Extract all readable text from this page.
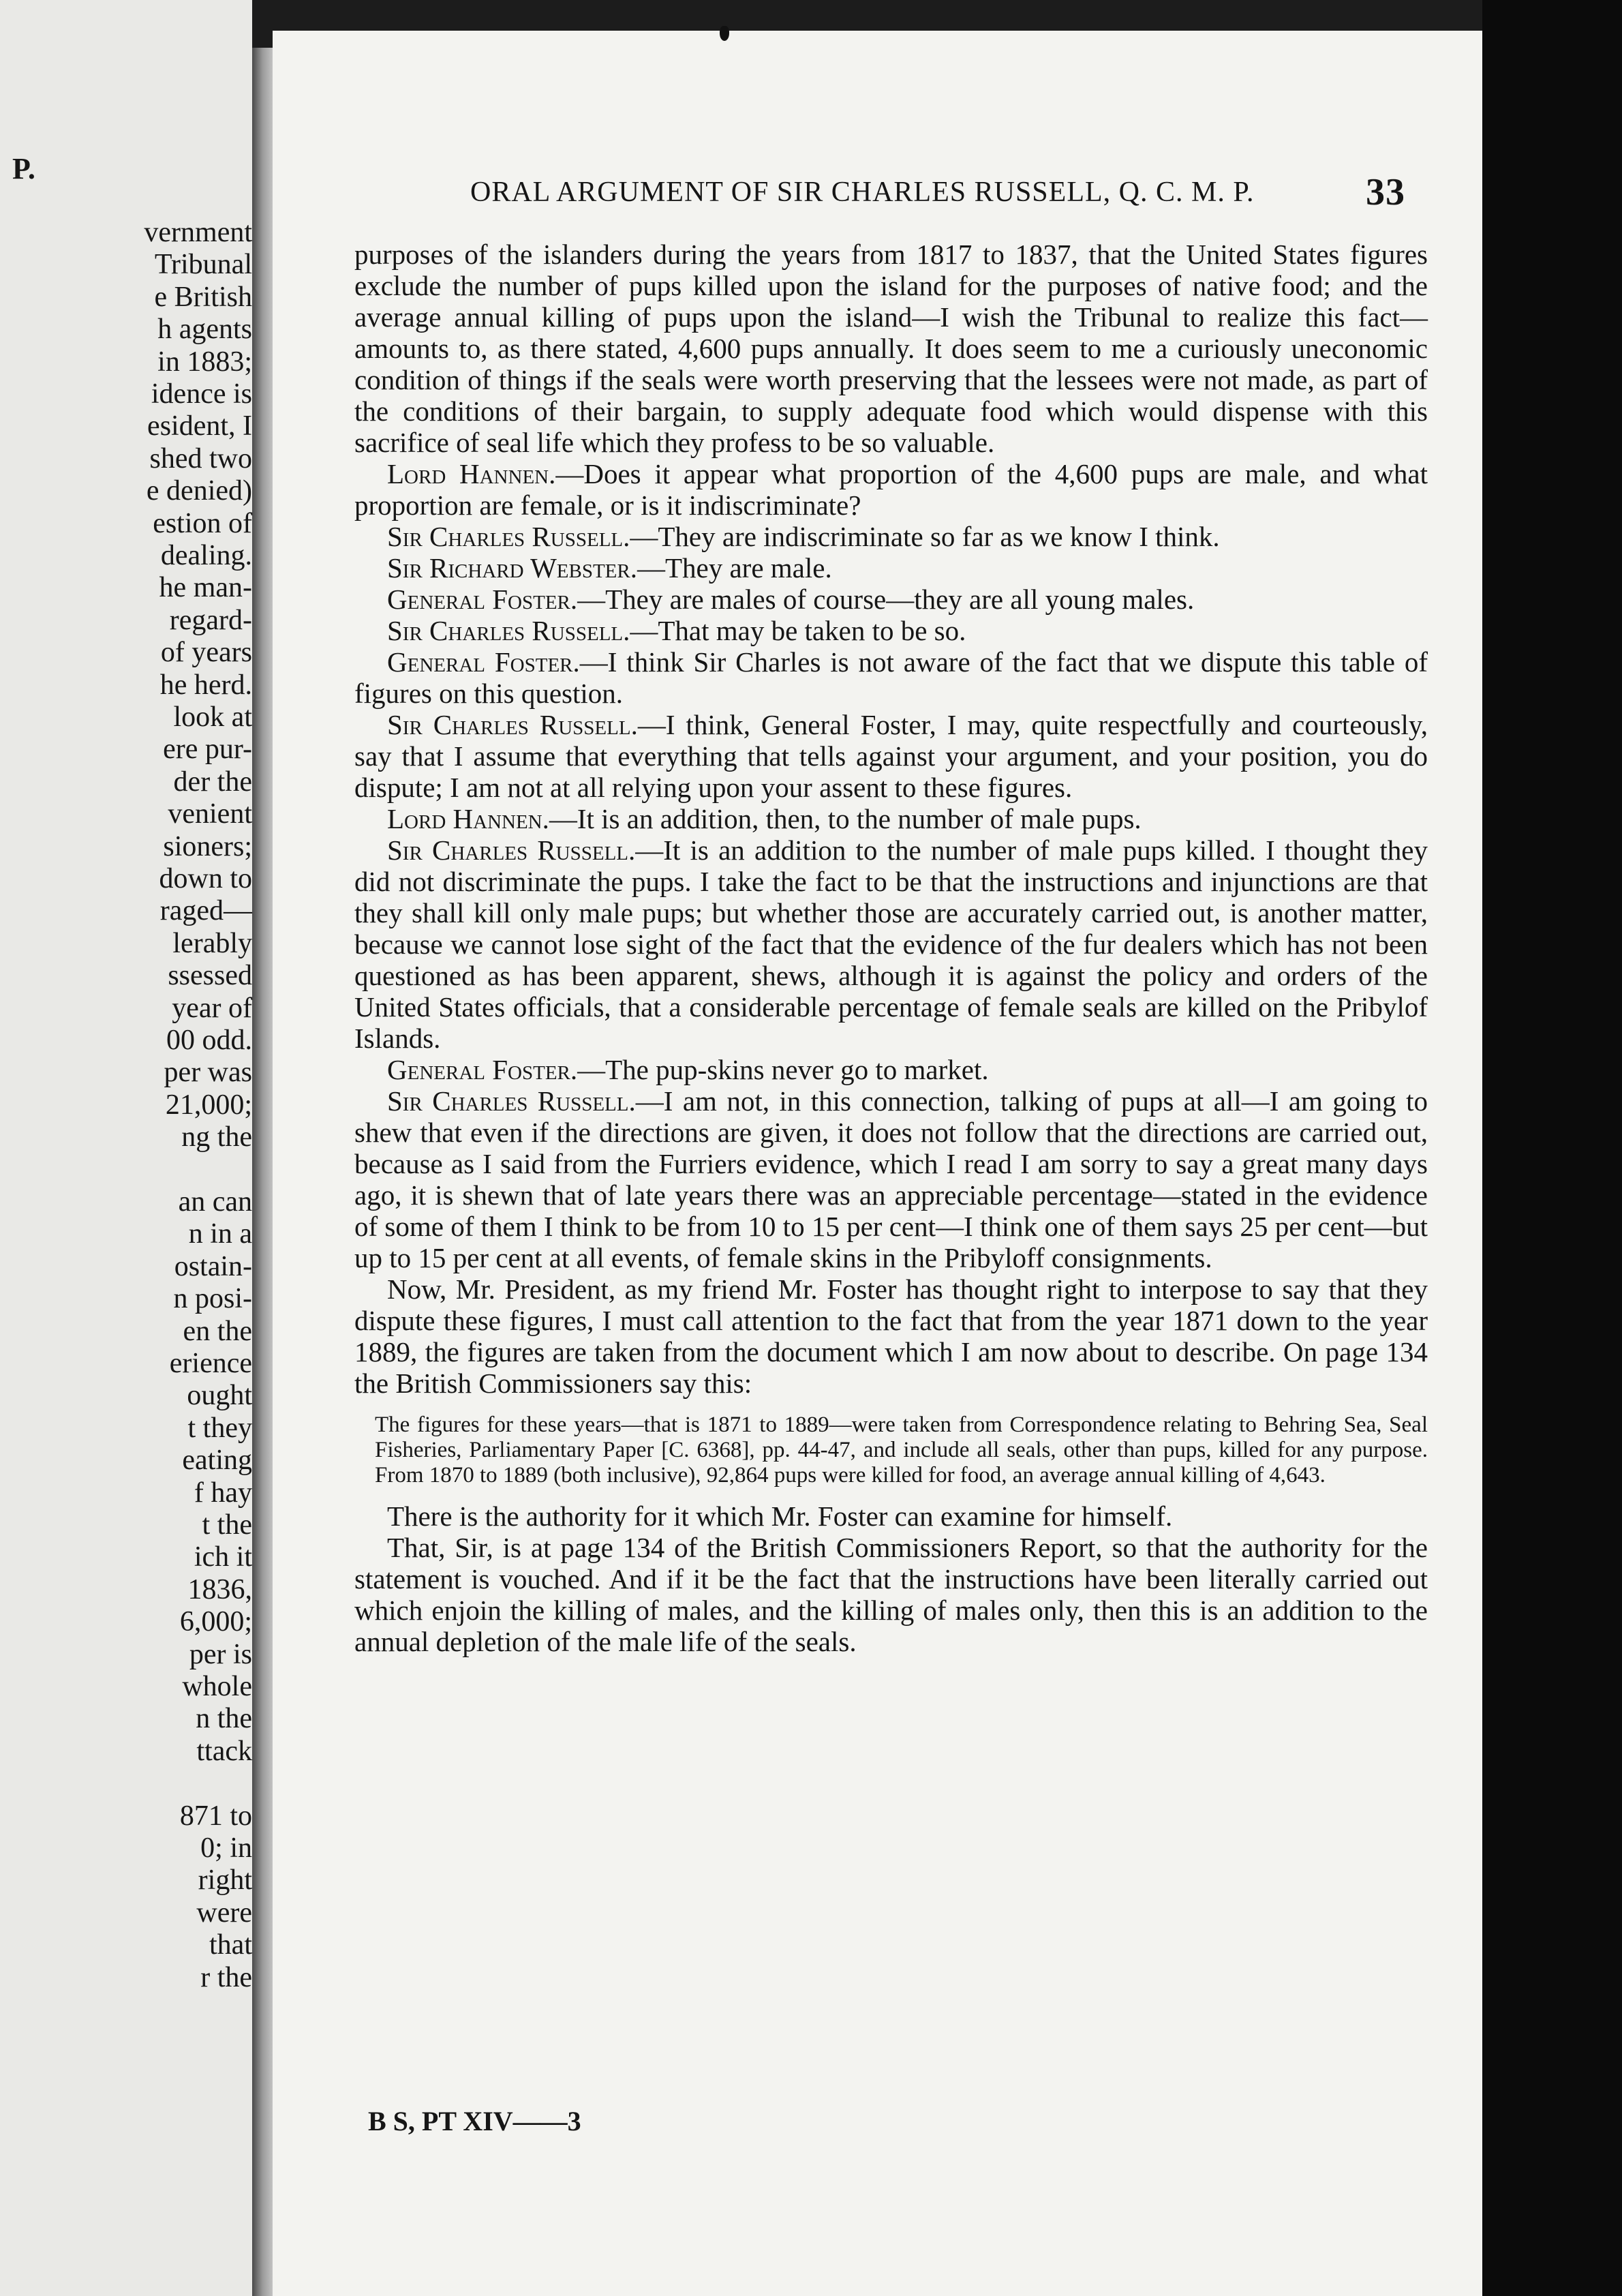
P.
vernment
Tribunal
e British
h agents
in 1883;
idence is
esident, I
shed two
e denied)
estion of
dealing.
he man-
regard-
of years
he herd.
look at
ere pur-
der the
venient
sioners;
down to
raged—
lerably
ssessed
year of
00 odd.
per was
21,000;
ng the
an can
n in a
ostain-
n posi-
en the
erience
ought
t they
eating
f hay
t the
ich it
1836,
6,000;
per is
whole
n the
ttack
871 to
0; in
right
were
that
r the
ORAL ARGUMENT OF SIR CHARLES RUSSELL, Q. C. M. P.	33

purposes of the islanders during the years from 1817 to 1837, that the United States figures exclude the number of pups killed upon the island for the purposes of native food; and the average annual killing of pups upon the island—I wish the Tribunal to realize this fact—amounts to, as there stated, 4,600 pups annually. It does seem to me a curiously uneconomic condition of things if the seals were worth preserving that the lessees were not made, as part of the conditions of their bargain, to supply adequate food which would dispense with this sacrifice of seal life which they profess to be so valuable.

Lord Hannen.—Does it appear what proportion of the 4,600 pups are male, and what proportion are female, or is it indiscriminate?

Sir Charles Russell.—They are indiscriminate so far as we know I think.

Sir Richard Webster.—They are male.

General Foster.—They are males of course—they are all young males.

Sir Charles Russell.—That may be taken to be so.

General Foster.—I think Sir Charles is not aware of the fact that we dispute this table of figures on this question.

Sir Charles Russell.—I think, General Foster, I may, quite respectfully and courteously, say that I assume that everything that tells against your argument, and your position, you do dispute; I am not at all relying upon your assent to these figures.

Lord Hannen.—It is an addition, then, to the number of male pups.

Sir Charles Russell.—It is an addition to the number of male pups killed. I thought they did not discriminate the pups. I take the fact to be that the instructions and injunctions are that they shall kill only male pups; but whether those are accurately carried out, is another matter, because we cannot lose sight of the fact that the evidence of the fur dealers which has not been questioned as has been apparent, shews, although it is against the policy and orders of the United States officials, that a considerable percentage of female seals are killed on the Pribylof Islands.

General Foster.—The pup-skins never go to market.

Sir Charles Russell.—I am not, in this connection, talking of pups at all—I am going to shew that even if the directions are given, it does not follow that the directions are carried out, because as I said from the Furriers evidence, which I read I am sorry to say a great many days ago, it is shewn that of late years there was an appreciable percentage—stated in the evidence of some of them I think to be from 10 to 15 per cent—I think one of them says 25 per cent—but up to 15 per cent at all events, of female skins in the Pribyloff consignments.

Now, Mr. President, as my friend Mr. Foster has thought right to interpose to say that they dispute these figures, I must call attention to the fact that from the year 1871 down to the year 1889, the figures are taken from the document which I am now about to describe. On page 134 the British Commissioners say this:

The figures for these years—that is 1871 to 1889—were taken from Correspondence relating to Behring Sea, Seal Fisheries, Parliamentary Paper [C. 6368], pp. 44-47, and include all seals, other than pups, killed for any purpose. From 1870 to 1889 (both inclusive), 92,864 pups were killed for food, an average annual killing of 4,643.

There is the authority for it which Mr. Foster can examine for himself.

That, Sir, is at page 134 of the British Commissioners Report, so that the authority for the statement is vouched. And if it be the fact that the instructions have been literally carried out which enjoin the killing of males, and the killing of males only, then this is an addition to the annual depletion of the male life of the seals.

B S, PT XIV——3
